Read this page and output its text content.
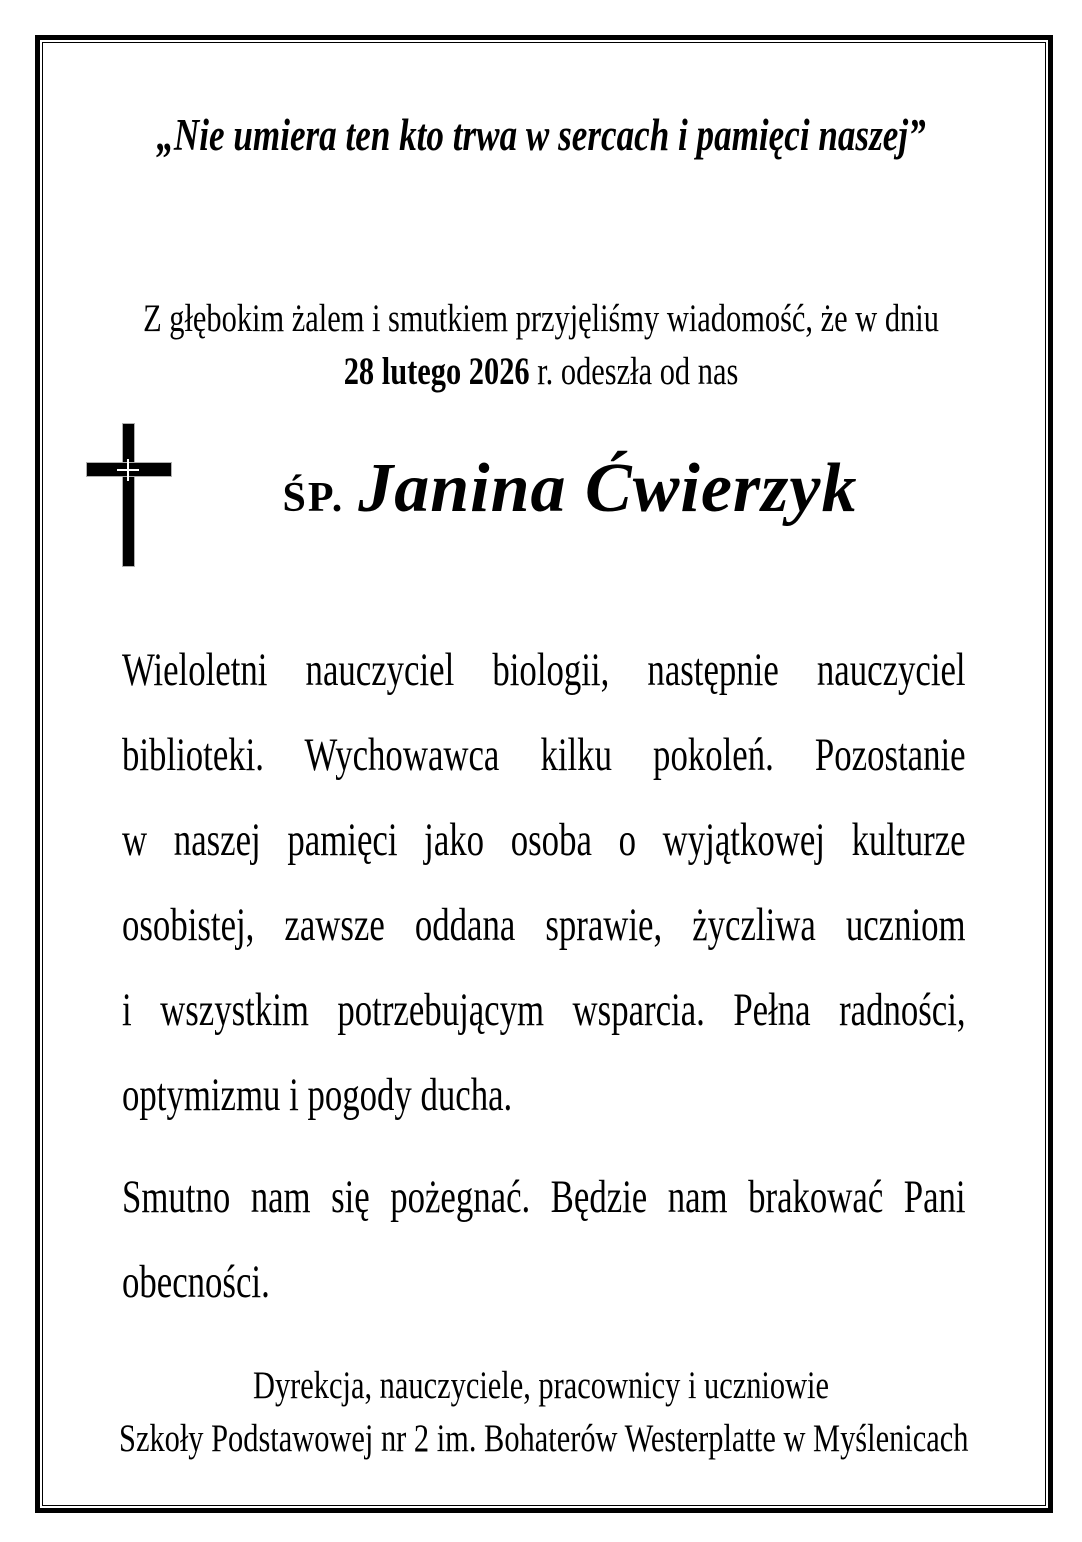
„Nie umiera ten kto trwa w sercach i pamięci naszej”
Z głębokim żalem i smutkiem przyjęliśmy wiadomość, że w dniu
28 lutego 2026 r. odeszła od nas
ŚP. Janina Ćwierzyk
Wieloletni nauczyciel biologii, następnie nauczyciel
biblioteki. Wychowawca kilku pokoleń. Pozostanie
w naszej pamięci jako osoba o wyjątkowej kulturze
osobistej, zawsze oddana sprawie, życzliwa uczniom
i wszystkim potrzebującym wsparcia. Pełna radności,
optymizmu i pogody ducha.
Smutno nam się pożegnać. Będzie nam brakować Pani
obecności.
Dyrekcja, nauczyciele, pracownicy i uczniowie
Szkoły Podstawowej nr 2 im. Bohaterów Westerplatte w Myślenicach
